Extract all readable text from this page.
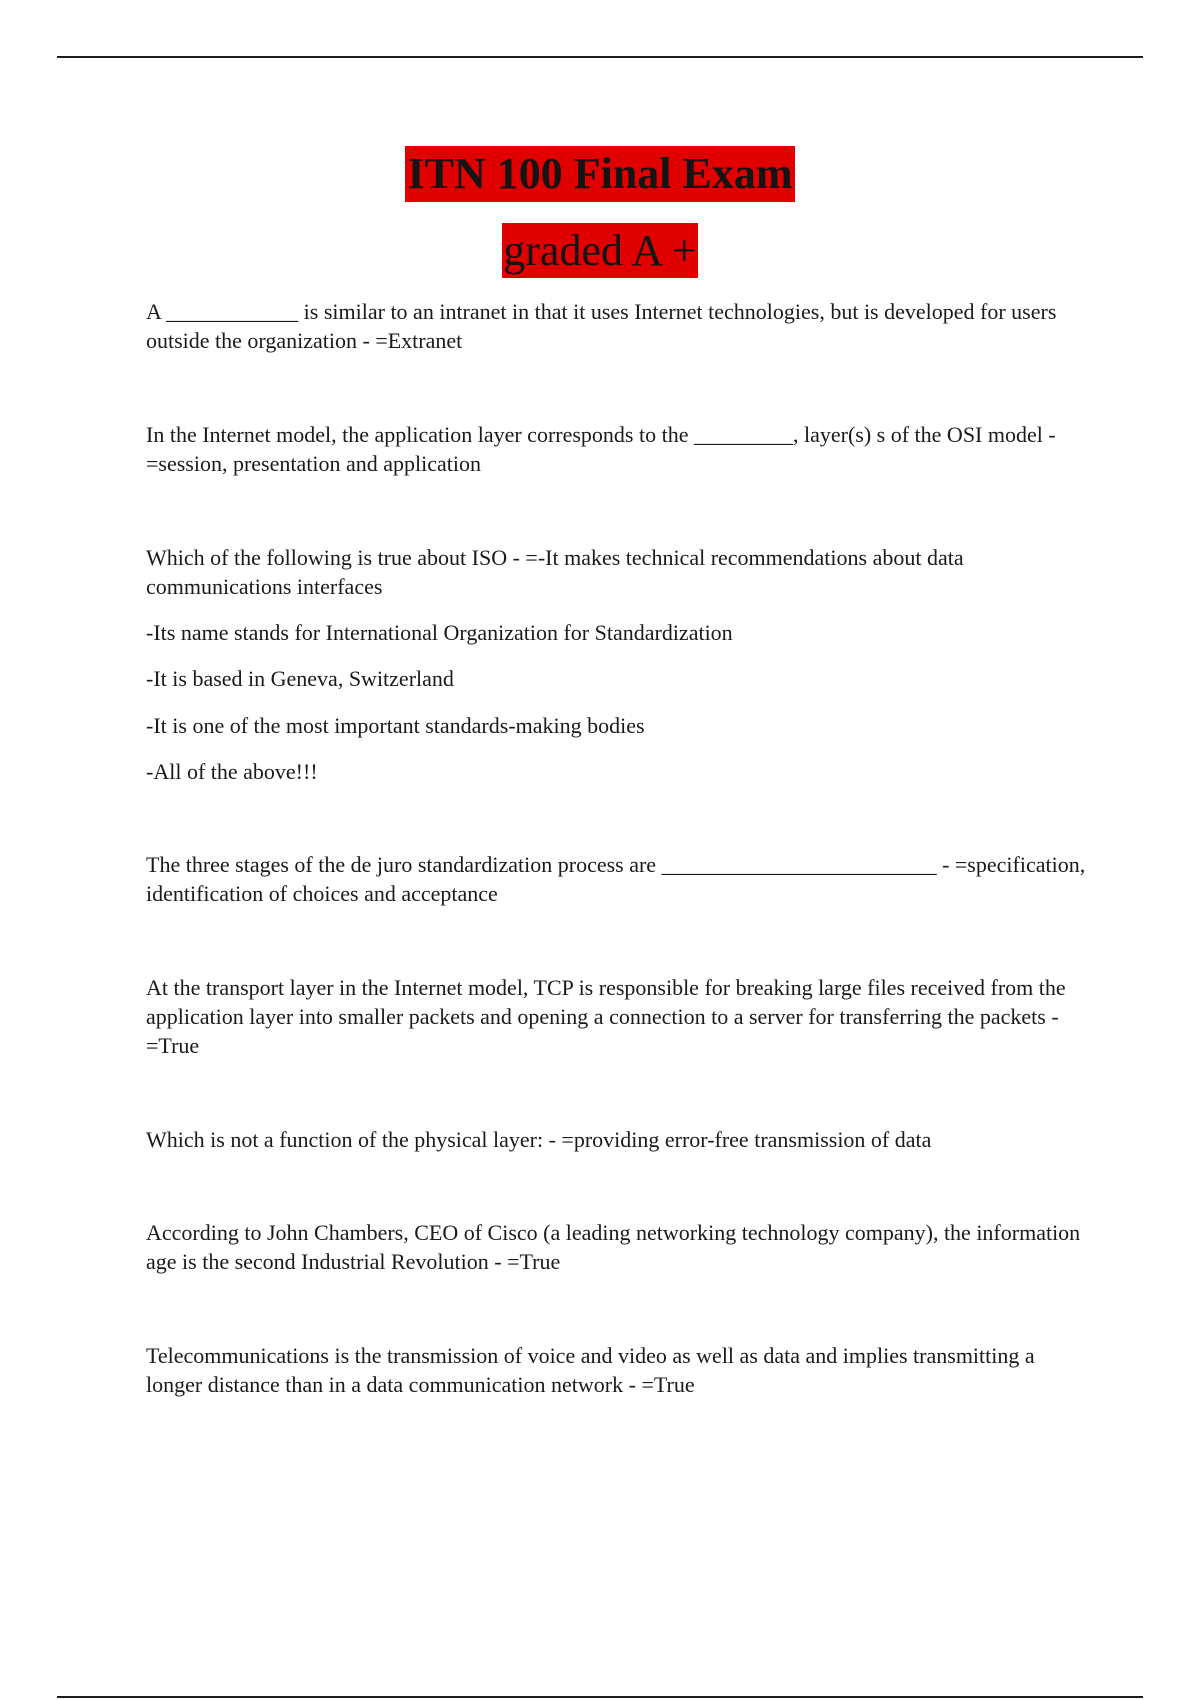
ITN 100 Final Exam
graded A +

A ____________ is similar to an intranet in that it uses Internet technologies, but is developed for users outside the organization - =Extranet

In the Internet model, the application layer corresponds to the _________, layer(s) s of the OSI model - =session, presentation and application

Which of the following is true about ISO - =-It makes technical recommendations about data communications interfaces

-Its name stands for International Organization for Standardization

-It is based in Geneva, Switzerland

-It is one of the most important standards-making bodies

-All of the above!!!

The three stages of the de juro standardization process are _________________________ - =specification, identification of choices and acceptance

At the transport layer in the Internet model, TCP is responsible for breaking large files received from the application layer into smaller packets and opening a connection to a server for transferring the packets - =True

Which is not a function of the physical layer: - =providing error-free transmission of data

According to John Chambers, CEO of Cisco (a leading networking technology company), the information age is the second Industrial Revolution - =True

Telecommunications is the transmission of voice and video as well as data and implies transmitting a longer distance than in a data communication network - =True
